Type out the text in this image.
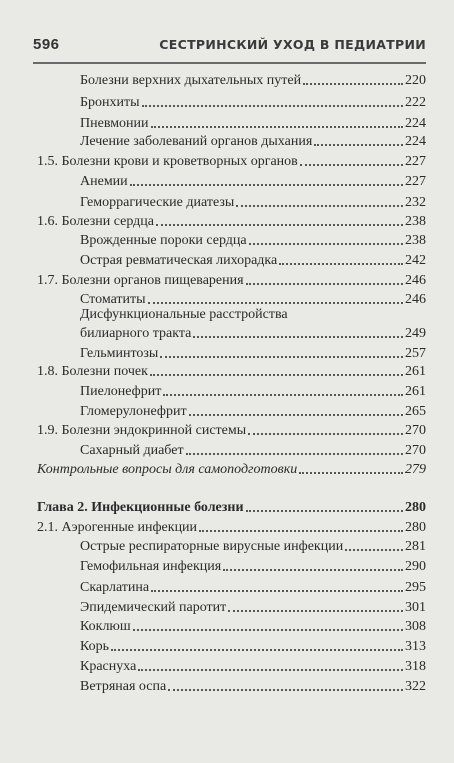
596	СЕСТРИНСКИЙ УХОД В ПЕДИАТРИИ
Болезни верхних дыхательных путей	220
Бронхиты	222
Пневмонии	224
Лечение заболеваний органов дыхания	224
1.5. Болезни крови и кроветворных органов	227
Анемии	227
Геморрагические диатезы	232
1.6. Болезни сердца	238
Врожденные пороки сердца	238
Острая ревматическая лихорадка	242
1.7. Болезни органов пищеварения	246
Стоматиты	246
Дисфункциональные расстройства
билиарного тракта	249
Гельминтозы	257
1.8. Болезни почек	261
Пиелонефрит	261
Гломерулонефрит	265
1.9. Болезни эндокринной системы	270
Сахарный диабет	270
Контрольные вопросы для самоподготовки	279
Глава 2. Инфекционные болезни	280
2.1. Аэрогенные инфекции	280
Острые респираторные вирусные инфекции	281
Гемофильная инфекция	290
Скарлатина	295
Эпидемический паротит	301
Коклюш	308
Корь	313
Краснуха	318
Ветряная оспа	322
